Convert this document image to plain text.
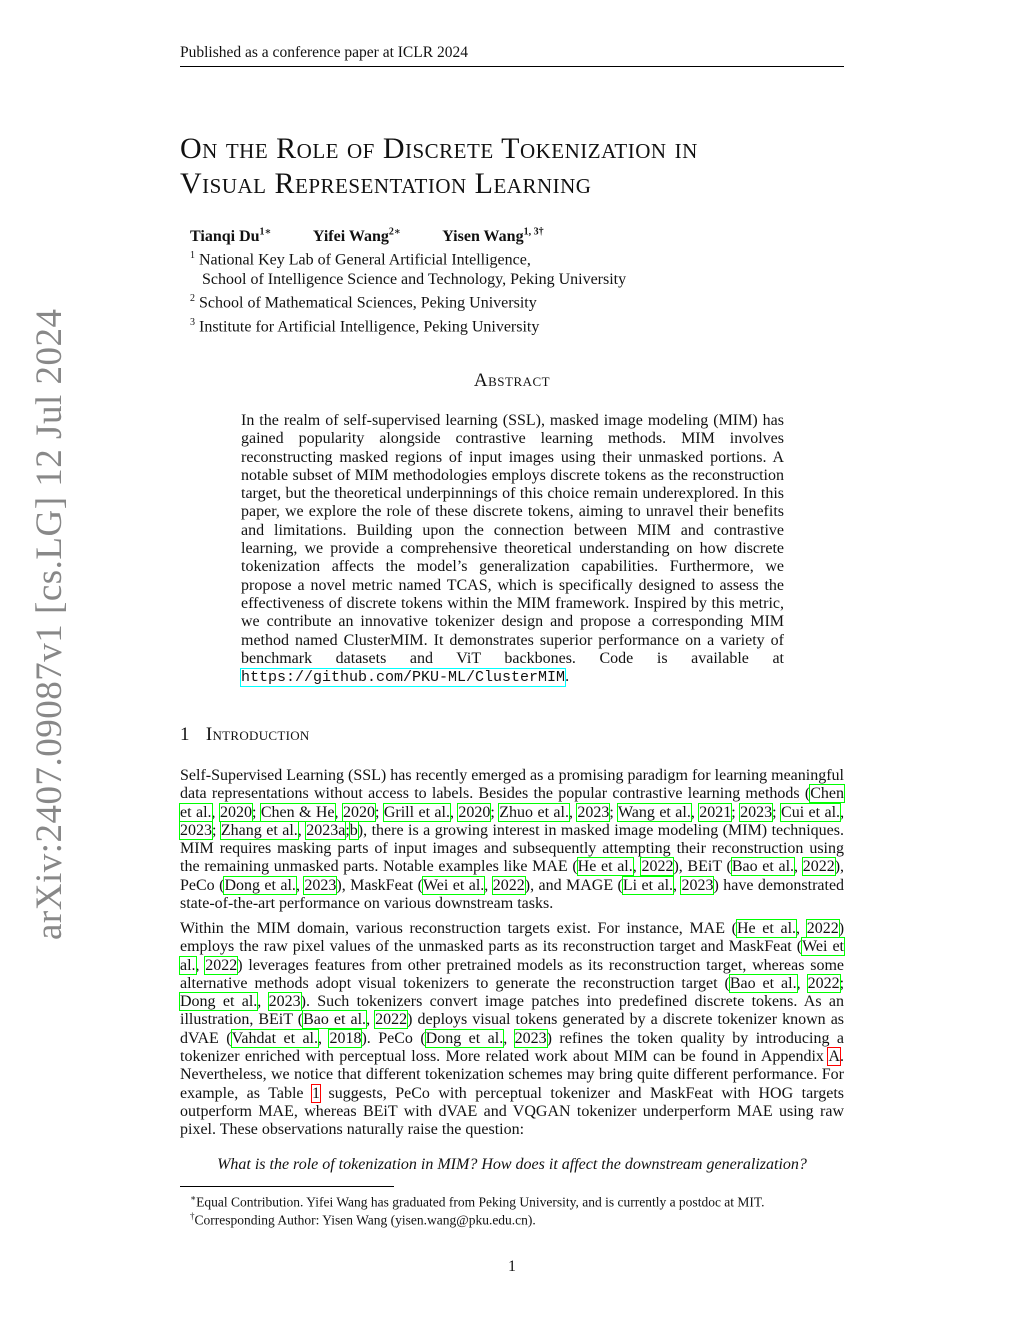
Published as a conference paper at ICLR 2024
On the Role of Discrete Tokenization in
Visual Representation Learning
Tianqi $Du^{1∗}$	Yifei Wang$^{2∗}$	Yisen Wang$^{1, 3\dagger}$
$^1$ National Key Lab of General Artificial Intelligence,
School of Intelligence Science and Technology, Peking University
$^2$ School of Mathematical Sciences, Peking University
$^3$ Institute for Artificial Intelligence, Peking University
arXiv:2407.09087v1 [cs.LG] 12 Jul 2024	Abstract
In the realm of self-supervised learning (SSL), masked image modeling (MIM) has gained popularity alongside contrastive learning methods. MIM involves reconstructing masked regions of input images using their unmasked portions. A notable subset of MIM methodologies employs discrete tokens as the reconstruction target, but the theoretical underpinnings of this choice remain underexplored. In this paper, we explore the role of these discrete tokens, aiming to unravel their benefits and limitations. Building upon the connection between MIM and contrastive learning, we provide a comprehensive theoretical understanding on how discrete tokenization affects the model’s generalization capabilities. Furthermore, we propose a novel metric named TCAS, which is specifically designed to assess the effectiveness of discrete tokens within the MIM framework. Inspired by this metric, we contribute an innovative tokenizer design and propose a corresponding MIM method named ClusterMIM. It demonstrates superior performance on a variety of benchmark datasets and ViT backbones. Code is available at https://github.com/PKU-ML/ClusterMIM.
1 Introduction
Self-Supervised Learning (SSL) has recently emerged as a promising paradigm for learning meaningful data representations without access to labels. Besides the popular contrastive learning methods (Chen et al., 2020; Chen & He, 2020; Grill et al., 2020; Zhuo et al., 2023; Wang et al., 2021; 2023; Cui et al., 2023; Zhang et al., 2023a;b), there is a growing interest in masked image modeling (MIM) techniques. MIM requires masking parts of input images and subsequently attempting their reconstruction using the remaining unmasked parts. Notable examples like MAE (He et al., 2022), BEiT (Bao et al., 2022), PeCo (Dong et al., 2023), MaskFeat (Wei et al., 2022), and MAGE (Li et al., 2023) have demonstrated state-of-the-art performance on various downstream tasks.
Within the MIM domain, various reconstruction targets exist. For instance, MAE (He et al., 2022) employs the raw pixel values of the unmasked parts as its reconstruction target and MaskFeat (Wei et al., 2022) leverages features from other pretrained models as its reconstruction target, whereas some alternative methods adopt visual tokenizers to generate the reconstruction target (Bao et al., 2022; Dong et al., 2023). Such tokenizers convert image patches into predefined discrete tokens. As an illustration, BEiT (Bao et al., 2022) deploys visual tokens generated by a discrete tokenizer known as dVAE (Vahdat et al., 2018). PeCo (Dong et al., 2023) refines the token quality by introducing a tokenizer enriched with perceptual loss. More related work about MIM can be found in Appendix A. Nevertheless, we notice that different tokenization schemes may bring quite different performance. For example, as Table 1 suggests, PeCo with perceptual tokenizer and MaskFeat with HOG targets outperform MAE, whereas BEiT with dVAE and VQGAN tokenizer underperform MAE using raw pixel. These observations naturally raise the question:
What is the role of tokenization in MIM? How does it affect the downstream generalization?
∗Equal Contribution. Yifei Wang has graduated from Peking University, and is currently a postdoc at MIT.
†Corresponding Author: Yisen Wang (yisen.wang@pku.edu.cn).
1
